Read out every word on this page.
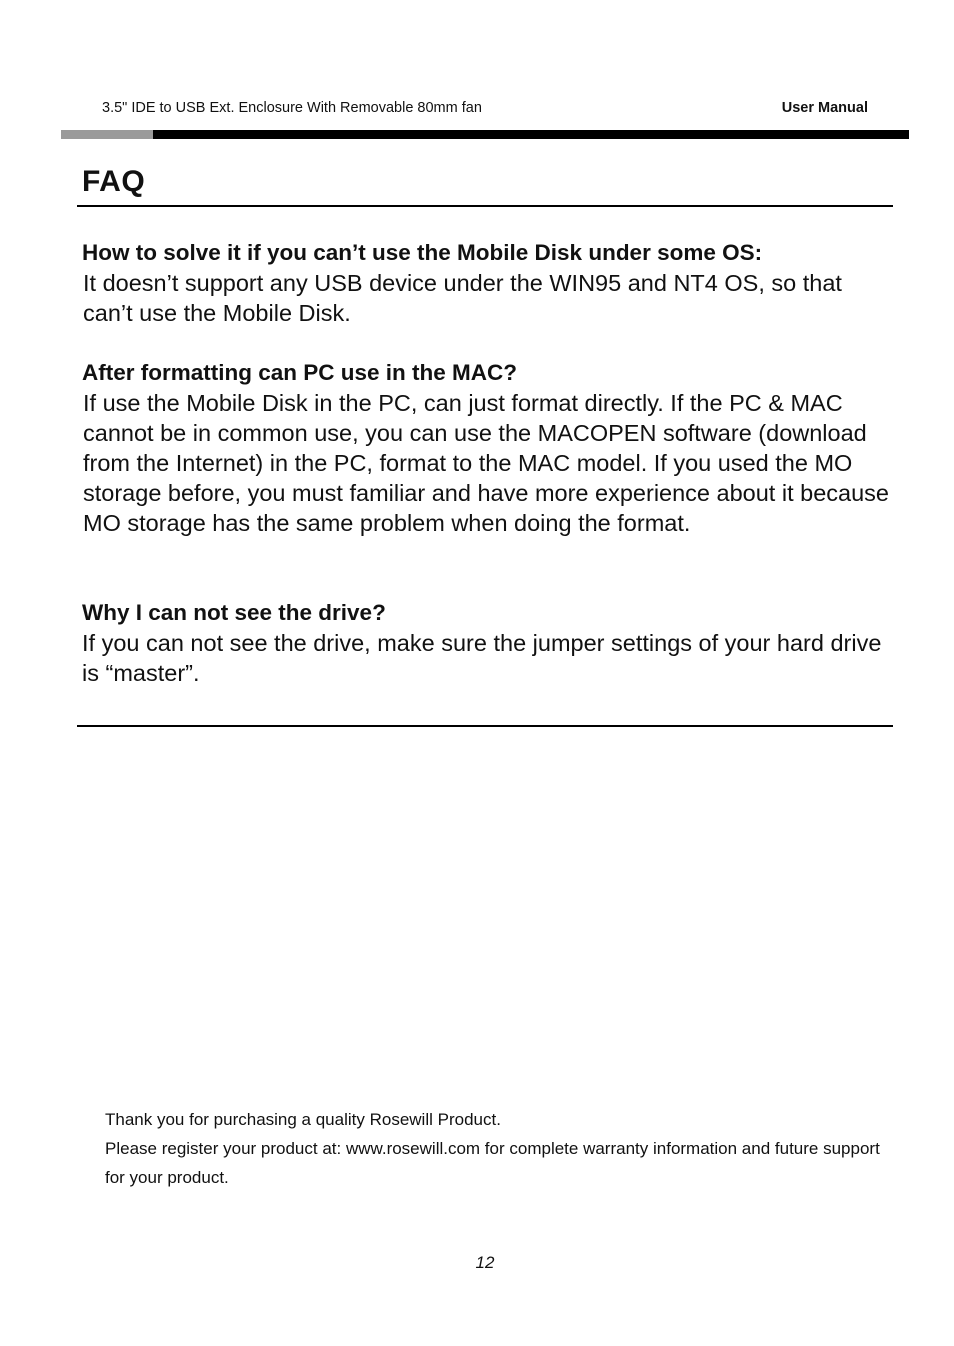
3.5" IDE to USB Ext. Enclosure With Removable 80mm fan	User Manual
FAQ
How to solve it if you can’t use the Mobile Disk under some OS:
It doesn’t support any USB device under the WIN95 and NT4 OS, so that can’t use the Mobile Disk.
After formatting can PC use in the MAC?
If use the Mobile Disk in the PC, can just format directly. If the PC & MAC cannot be in common use, you can use the MACOPEN software (download from the Internet) in the PC, format to the MAC model. If you used the MO storage before, you must familiar and have more experience about it because MO storage has the same problem when doing the format.
Why I can not see the drive?
If you can not see the drive, make sure the jumper settings of your hard drive is “master”.

Thank you for purchasing a quality Rosewill Product.

Please register your product at: www.rosewill.com for complete warranty information and future support for your product.

12
